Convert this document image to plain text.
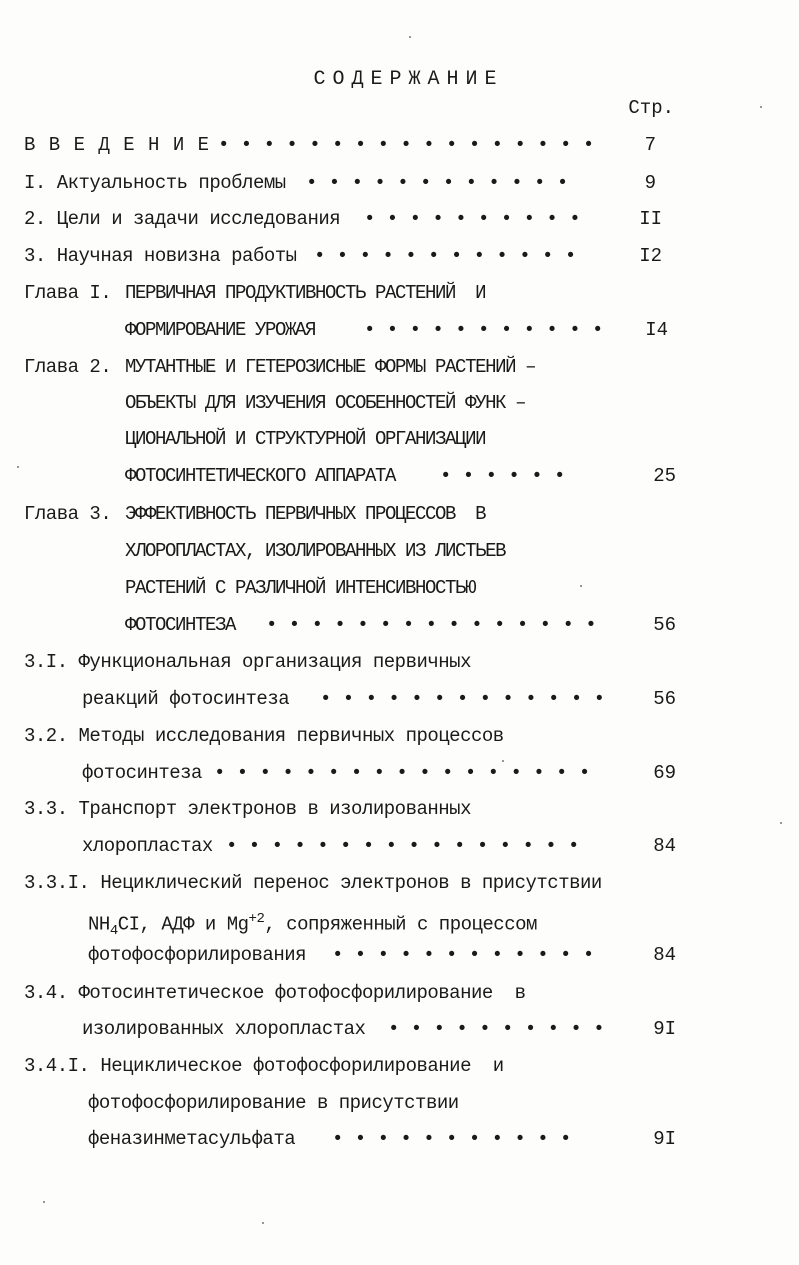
СОДЕРЖАНИЕ
Стр.
В В Е Д Е Н И Е • • • • • • • • • • • • • • • • •	7
I. Актуальность проблемы • • • • • • • • • • • •	9
2. Цели и задачи исследования • • • • • • • • • •	II
3. Научная новизна работы • • • • • • • • • • • •	I2
Глава I. ПЕРВИЧНАЯ ПРОДУКТИВНОСТЬ РАСТЕНИЙ  И
ФОРМИРОВАНИЕ УРОЖАЯ	• • • • • • • • • • •	I4
Глава 2. МУТАНТНЫЕ И ГЕТЕРОЗИСНЫЕ ФОРМЫ РАСТЕНИЙ –
ОБЪЕКТЫ ДЛЯ ИЗУЧЕНИЯ ОСОБЕННОСТЕЙ ФУНК –
ЦИОНАЛЬНОЙ И СТРУКТУРНОЙ ОРГАНИЗАЦИИ
ФОТОСИНТЕТИЧЕСКОГО АППАРАТА • • • • • •	25
Глава 3. ЭФФЕКТИВНОСТЬ ПЕРВИЧНЫХ ПРОЦЕССОВ  В
ХЛОРОПЛАСТАХ, ИЗОЛИРОВАННЫХ ИЗ ЛИСТЬЕВ
РАСТЕНИЙ С РАЗЛИЧНОЙ ИНТЕНСИВНОСТЬЮ
ФОТОСИНТЕЗА • • • • • • • • • • • • • • •	56
3.I. Функциональная организация первичных
реакций фотосинтеза • • • • • • • • • • • • •	56
3.2. Методы исследования первичных процессов
фотосинтеза • • • • • • • • • • • • • • • • •	69
3.3. Транспорт электронов в изолированных
хлоропластах • • • • • • • • • • • • • • • •	84
3.3.I. Нециклический перенос электронов в присутствии
$NH_4CI$, АДФ и $Mg^{+2}$, сопряженный с процессом
фотофосфорилирования • • • • • • • • • • • •	84
3.4. Фотосинтетическое фотофосфорилирование  в
изолированных хлоропластах • • • • • • • • • •	9I
3.4.I. Нециклическое фотофосфорилирование  и
фотофосфорилирование в присутствии
феназинметасульфата • • • • • • • • • • •	9I
